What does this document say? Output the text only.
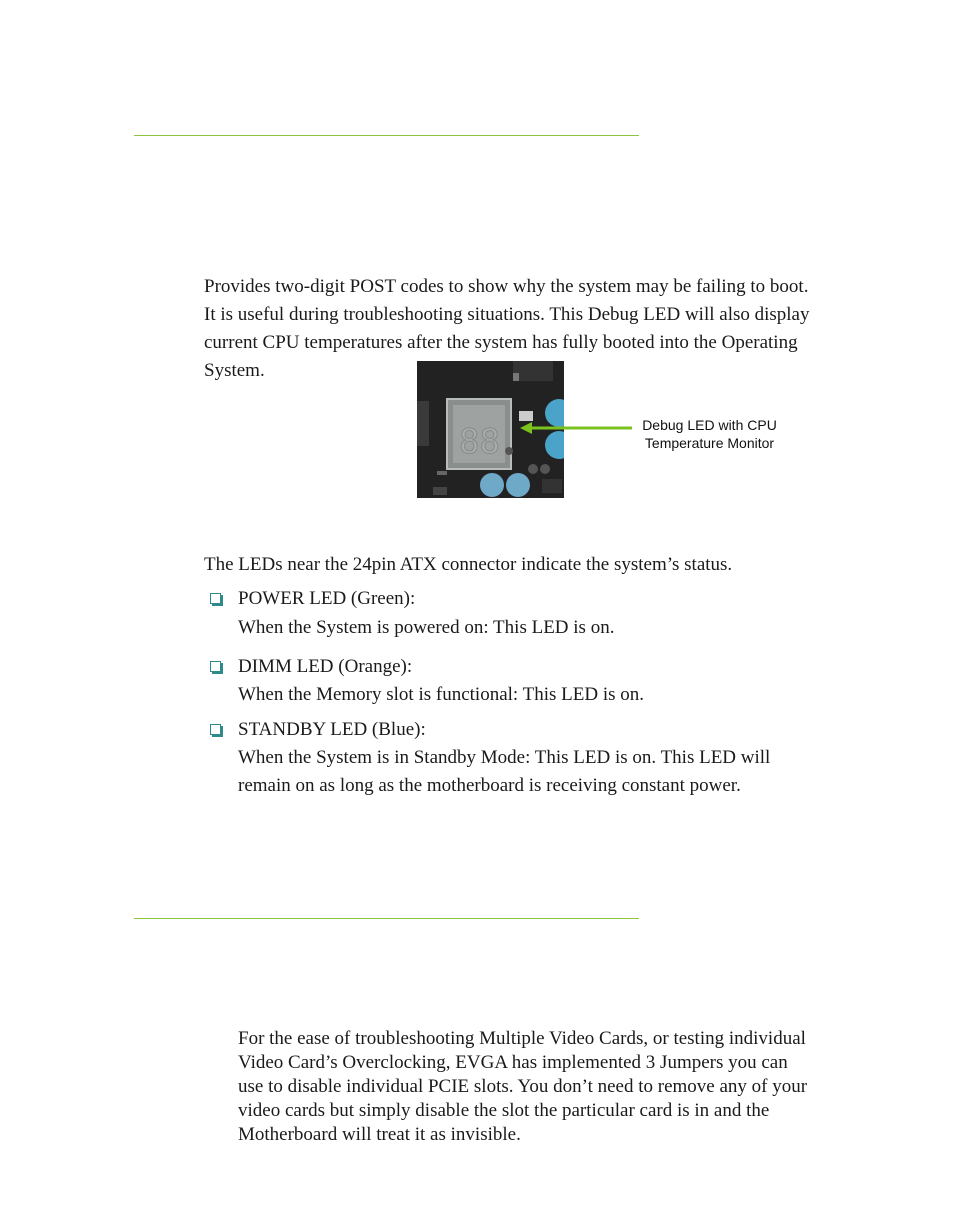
Provides two-digit POST codes to show why the system may be failing to boot.
It is useful during troubleshooting situations. This Debug LED will also display
current CPU temperatures after the system has fully booted into the Operating
System.

88	Debug LED with CPU
Temperature Monitor

The LEDs near the 24pin ATX connector indicate the system’s status.

POWER LED (Green):
When the System is powered on: This LED is on.
DIMM LED (Orange):
When the Memory slot is functional: This LED is on.
STANDBY LED (Blue):
When the System is in Standby Mode: This LED is on. This LED will
remain on as long as the motherboard is receiving constant power.

For the ease of troubleshooting Multiple Video Cards, or testing individual
Video Card’s Overclocking, EVGA has implemented 3 Jumpers you can
use to disable individual PCIE slots. You don’t need to remove any of your
video cards but simply disable the slot the particular card is in and the
Motherboard will treat it as invisible.
